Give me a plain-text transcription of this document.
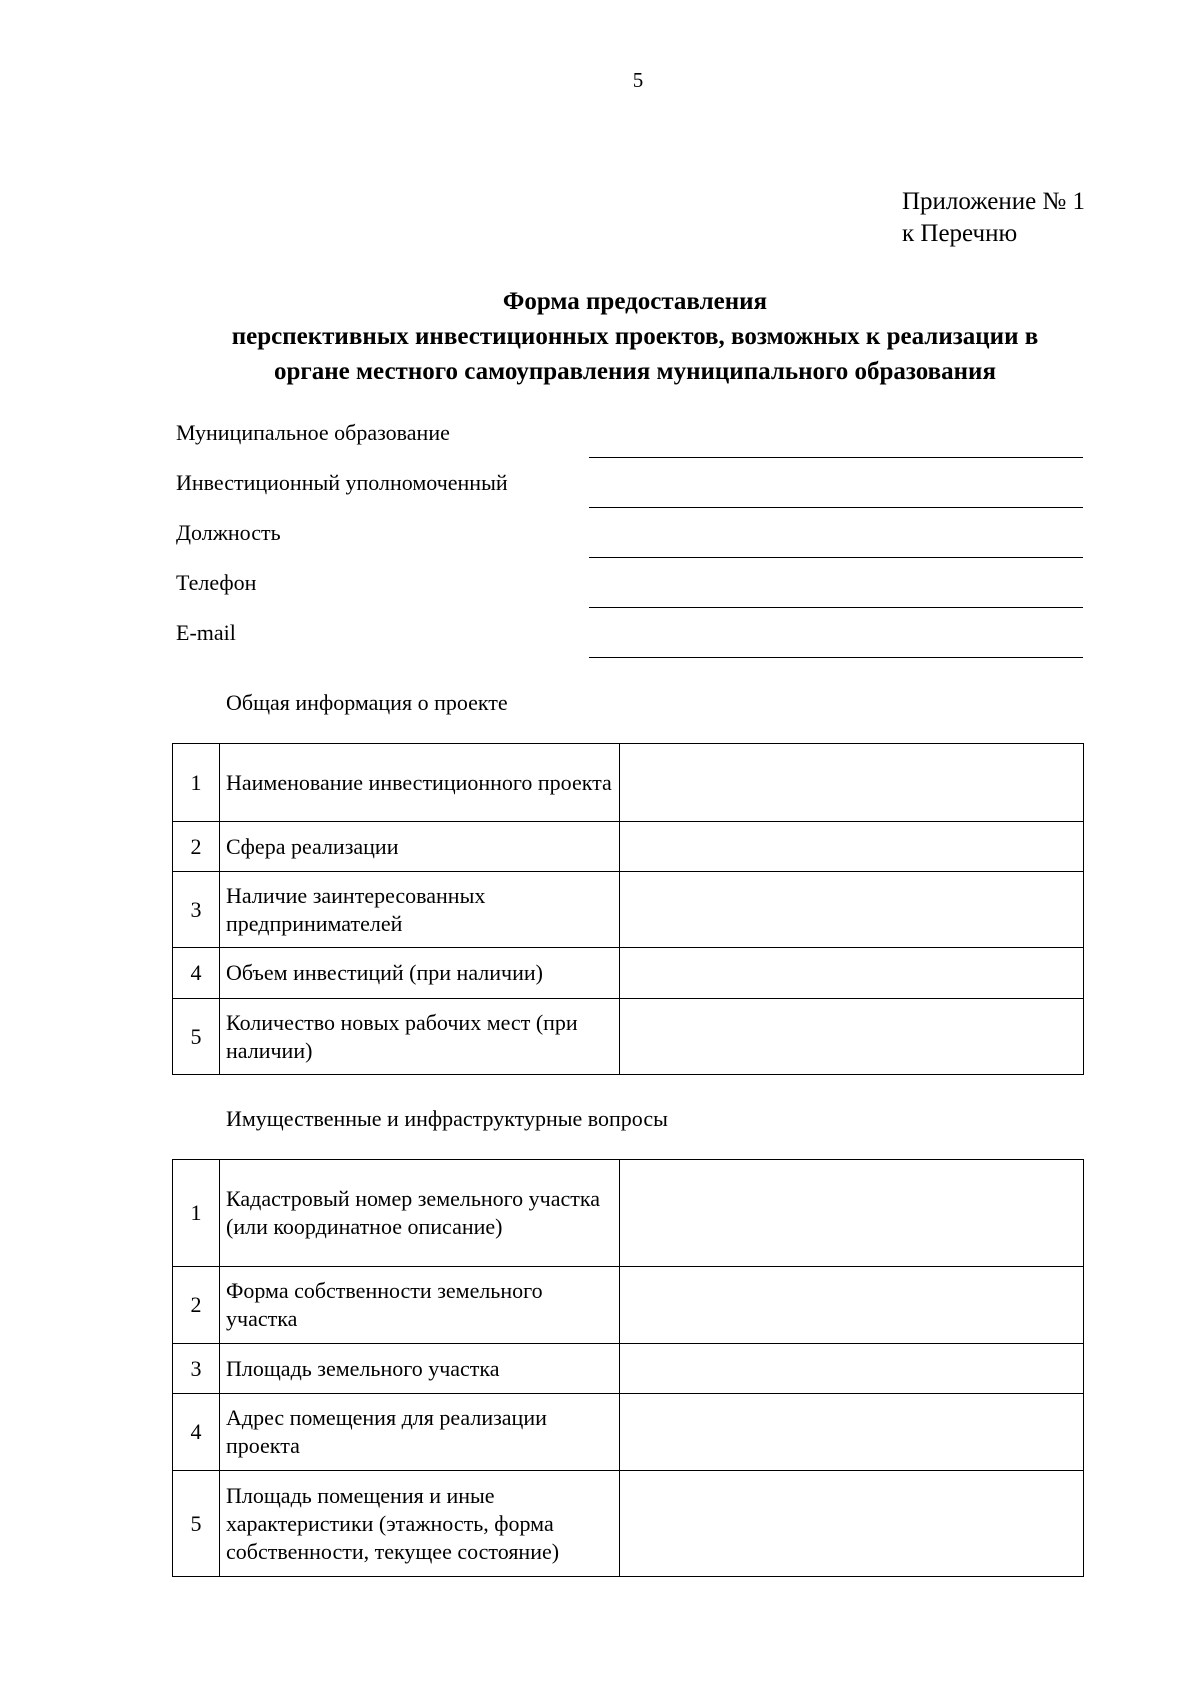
5
Приложение № 1
к Перечню
Форма предоставления
перспективных инвестиционных проектов, возможных к реализации в
органе местного самоуправления муниципального образования
Муниципальное образование
Инвестиционный уполномоченный
Должность
Телефон
E-mail
Общая информация о проекте
1	Наименование инвестиционного проекта	
2	Сфера реализации	
3	Наличие заинтересованных предпринимателей	
4	Объем инвестиций (при наличии)	
5	Количество новых рабочих мест (при наличии)	
Имущественные и инфраструктурные вопросы
1	Кадастровый номер земельного участка (или координатное описание)	
2	Форма собственности земельного участка	
3	Площадь земельного участка	
4	Адрес помещения для реализации проекта	
5	Площадь помещения и иные характеристики (этажность, форма собственности, текущее состояние)	
